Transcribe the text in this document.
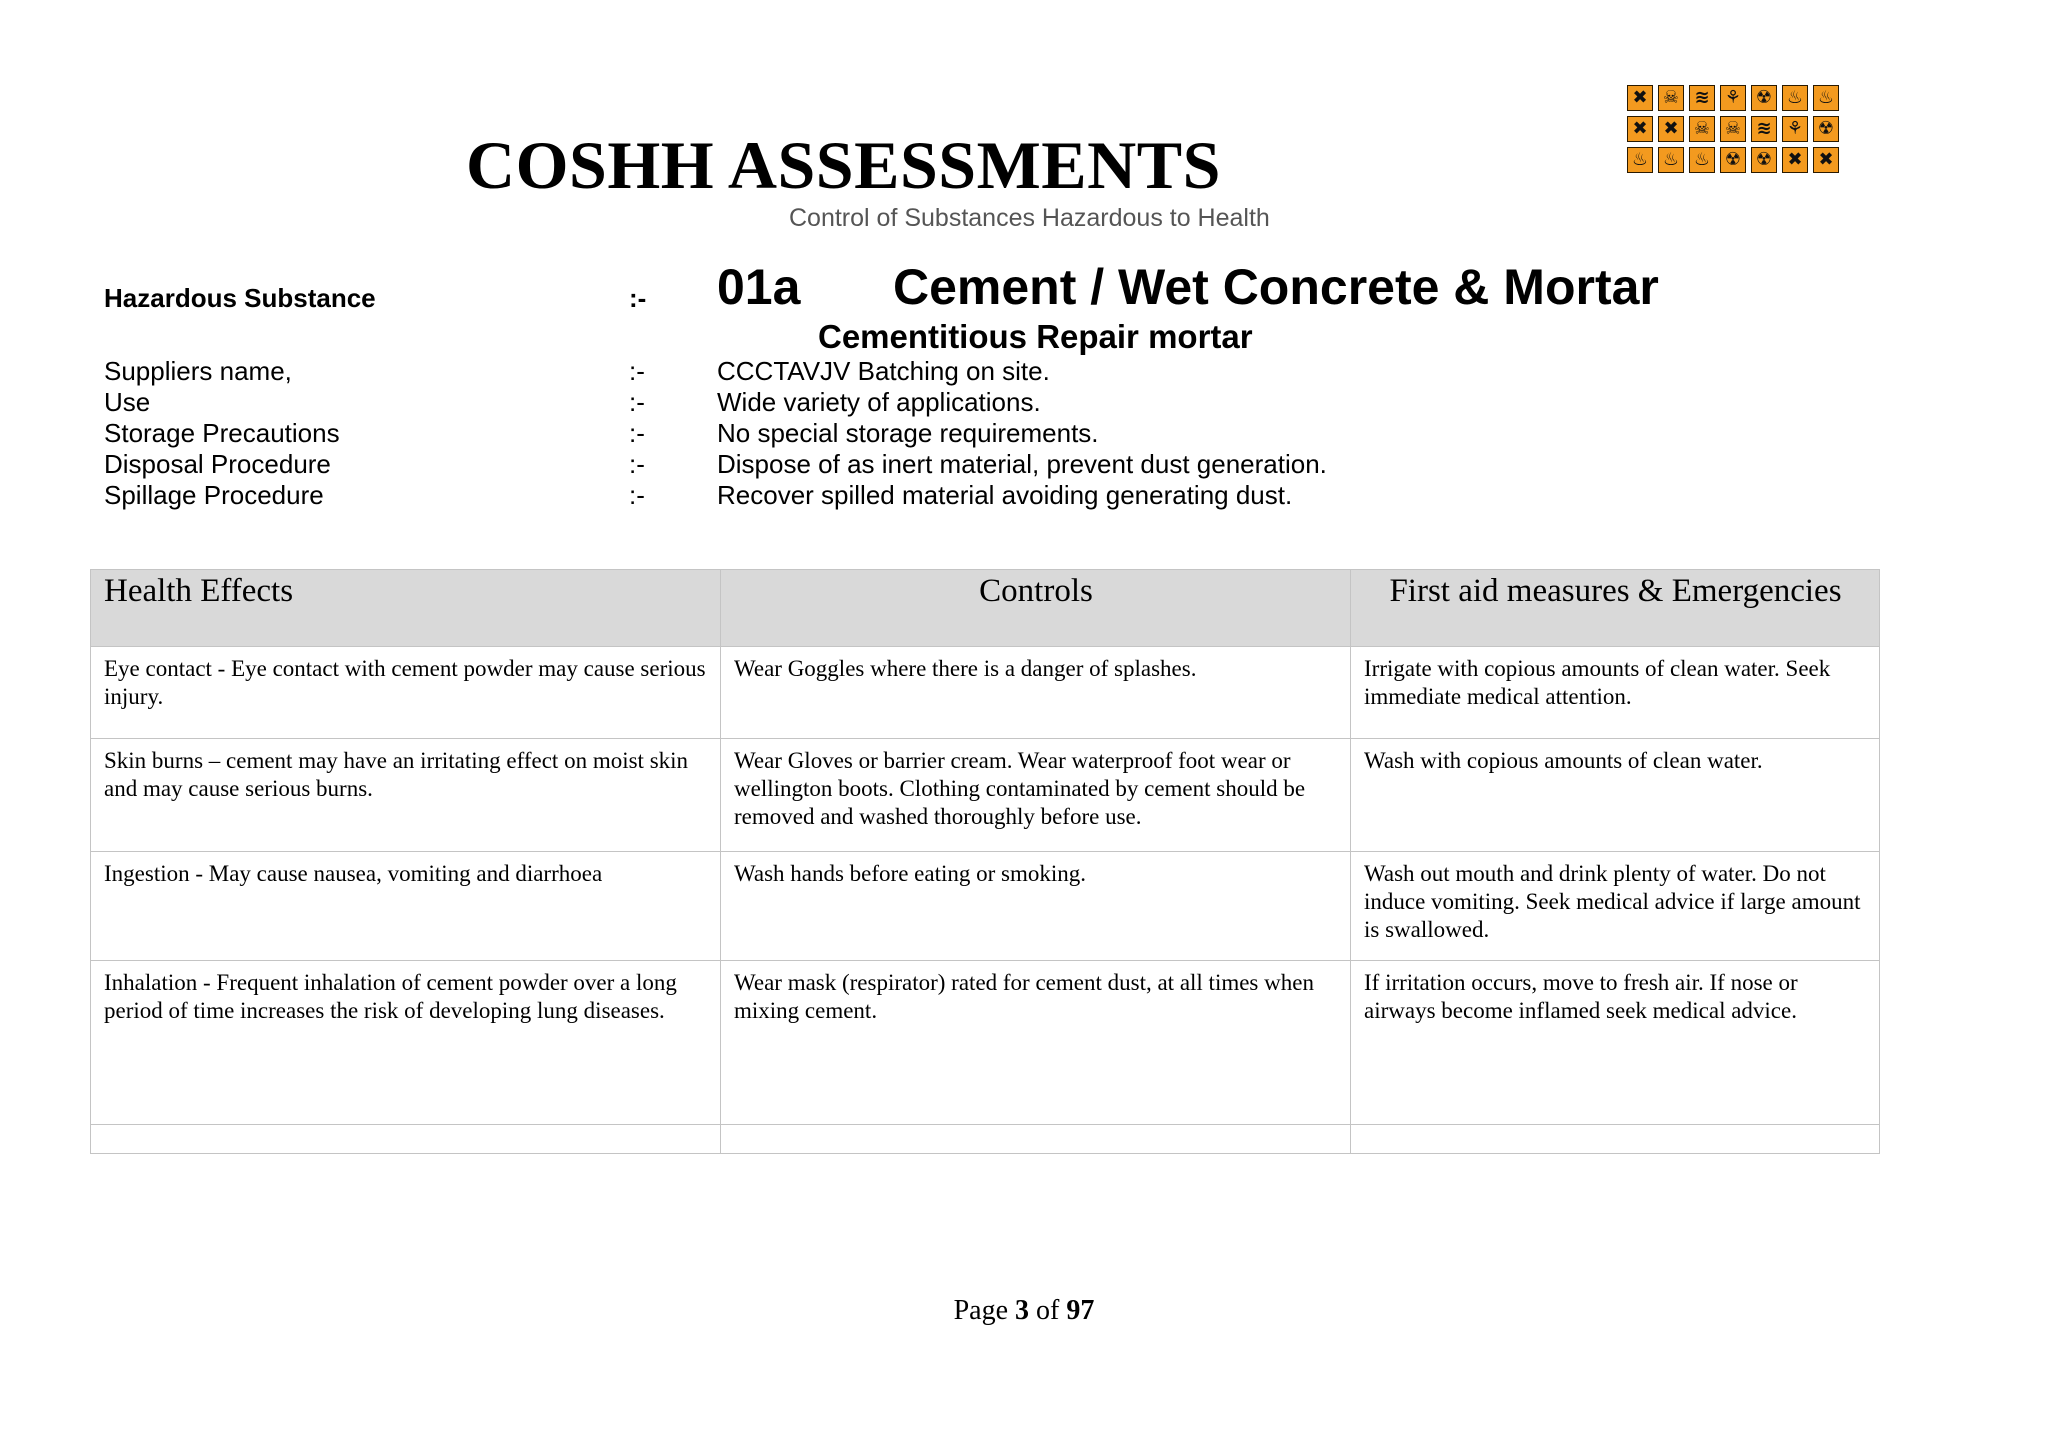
COSHH ASSESSMENTS
Control of Substances Hazardous to Health
✖ ☠ ≋ ⚘ ☢ ♨ ♨
✖ ✖ ☠ ☠ ≋ ⚘ ☢
♨ ♨ ♨ ☢ ☢ ✖ ✖
Hazardous Substance	:- 01a Cement / Wet Concrete & Mortar
Cementitious Repair mortar
Suppliers name,	:-	CCCTAVJV Batching on site.
Use	:-	Wide variety of applications.
Storage Precautions	:-	No special storage requirements.
Disposal Procedure	:-	Dispose of as inert material, prevent dust generation.
Spillage Procedure	:-	Recover spilled material avoiding generating dust.
Health Effects	Controls	First aid measures & Emergencies
Eye contact - Eye contact with cement powder may cause serious injury.	Wear Goggles where there is a danger of splashes.	Irrigate with copious amounts of clean water. Seek immediate medical attention.
Skin burns – cement may have an irritating effect on moist skin and may cause serious burns.	Wear Gloves or barrier cream. Wear waterproof foot wear or wellington boots. Clothing contaminated by cement should be removed and washed thoroughly before use.	Wash with copious amounts of clean water.
Ingestion - May cause nausea, vomiting and diarrhoea	Wash hands before eating or smoking.	Wash out mouth and drink plenty of water. Do not induce vomiting. Seek medical advice if large amount is swallowed.
Inhalation - Frequent inhalation of cement powder over a long period of time increases the risk of developing lung diseases.	Wear mask (respirator) rated for cement dust, at all times when mixing cement.	If irritation occurs, move to fresh air. If nose or airways become inflamed seek medical advice.

Page 3 of 97
